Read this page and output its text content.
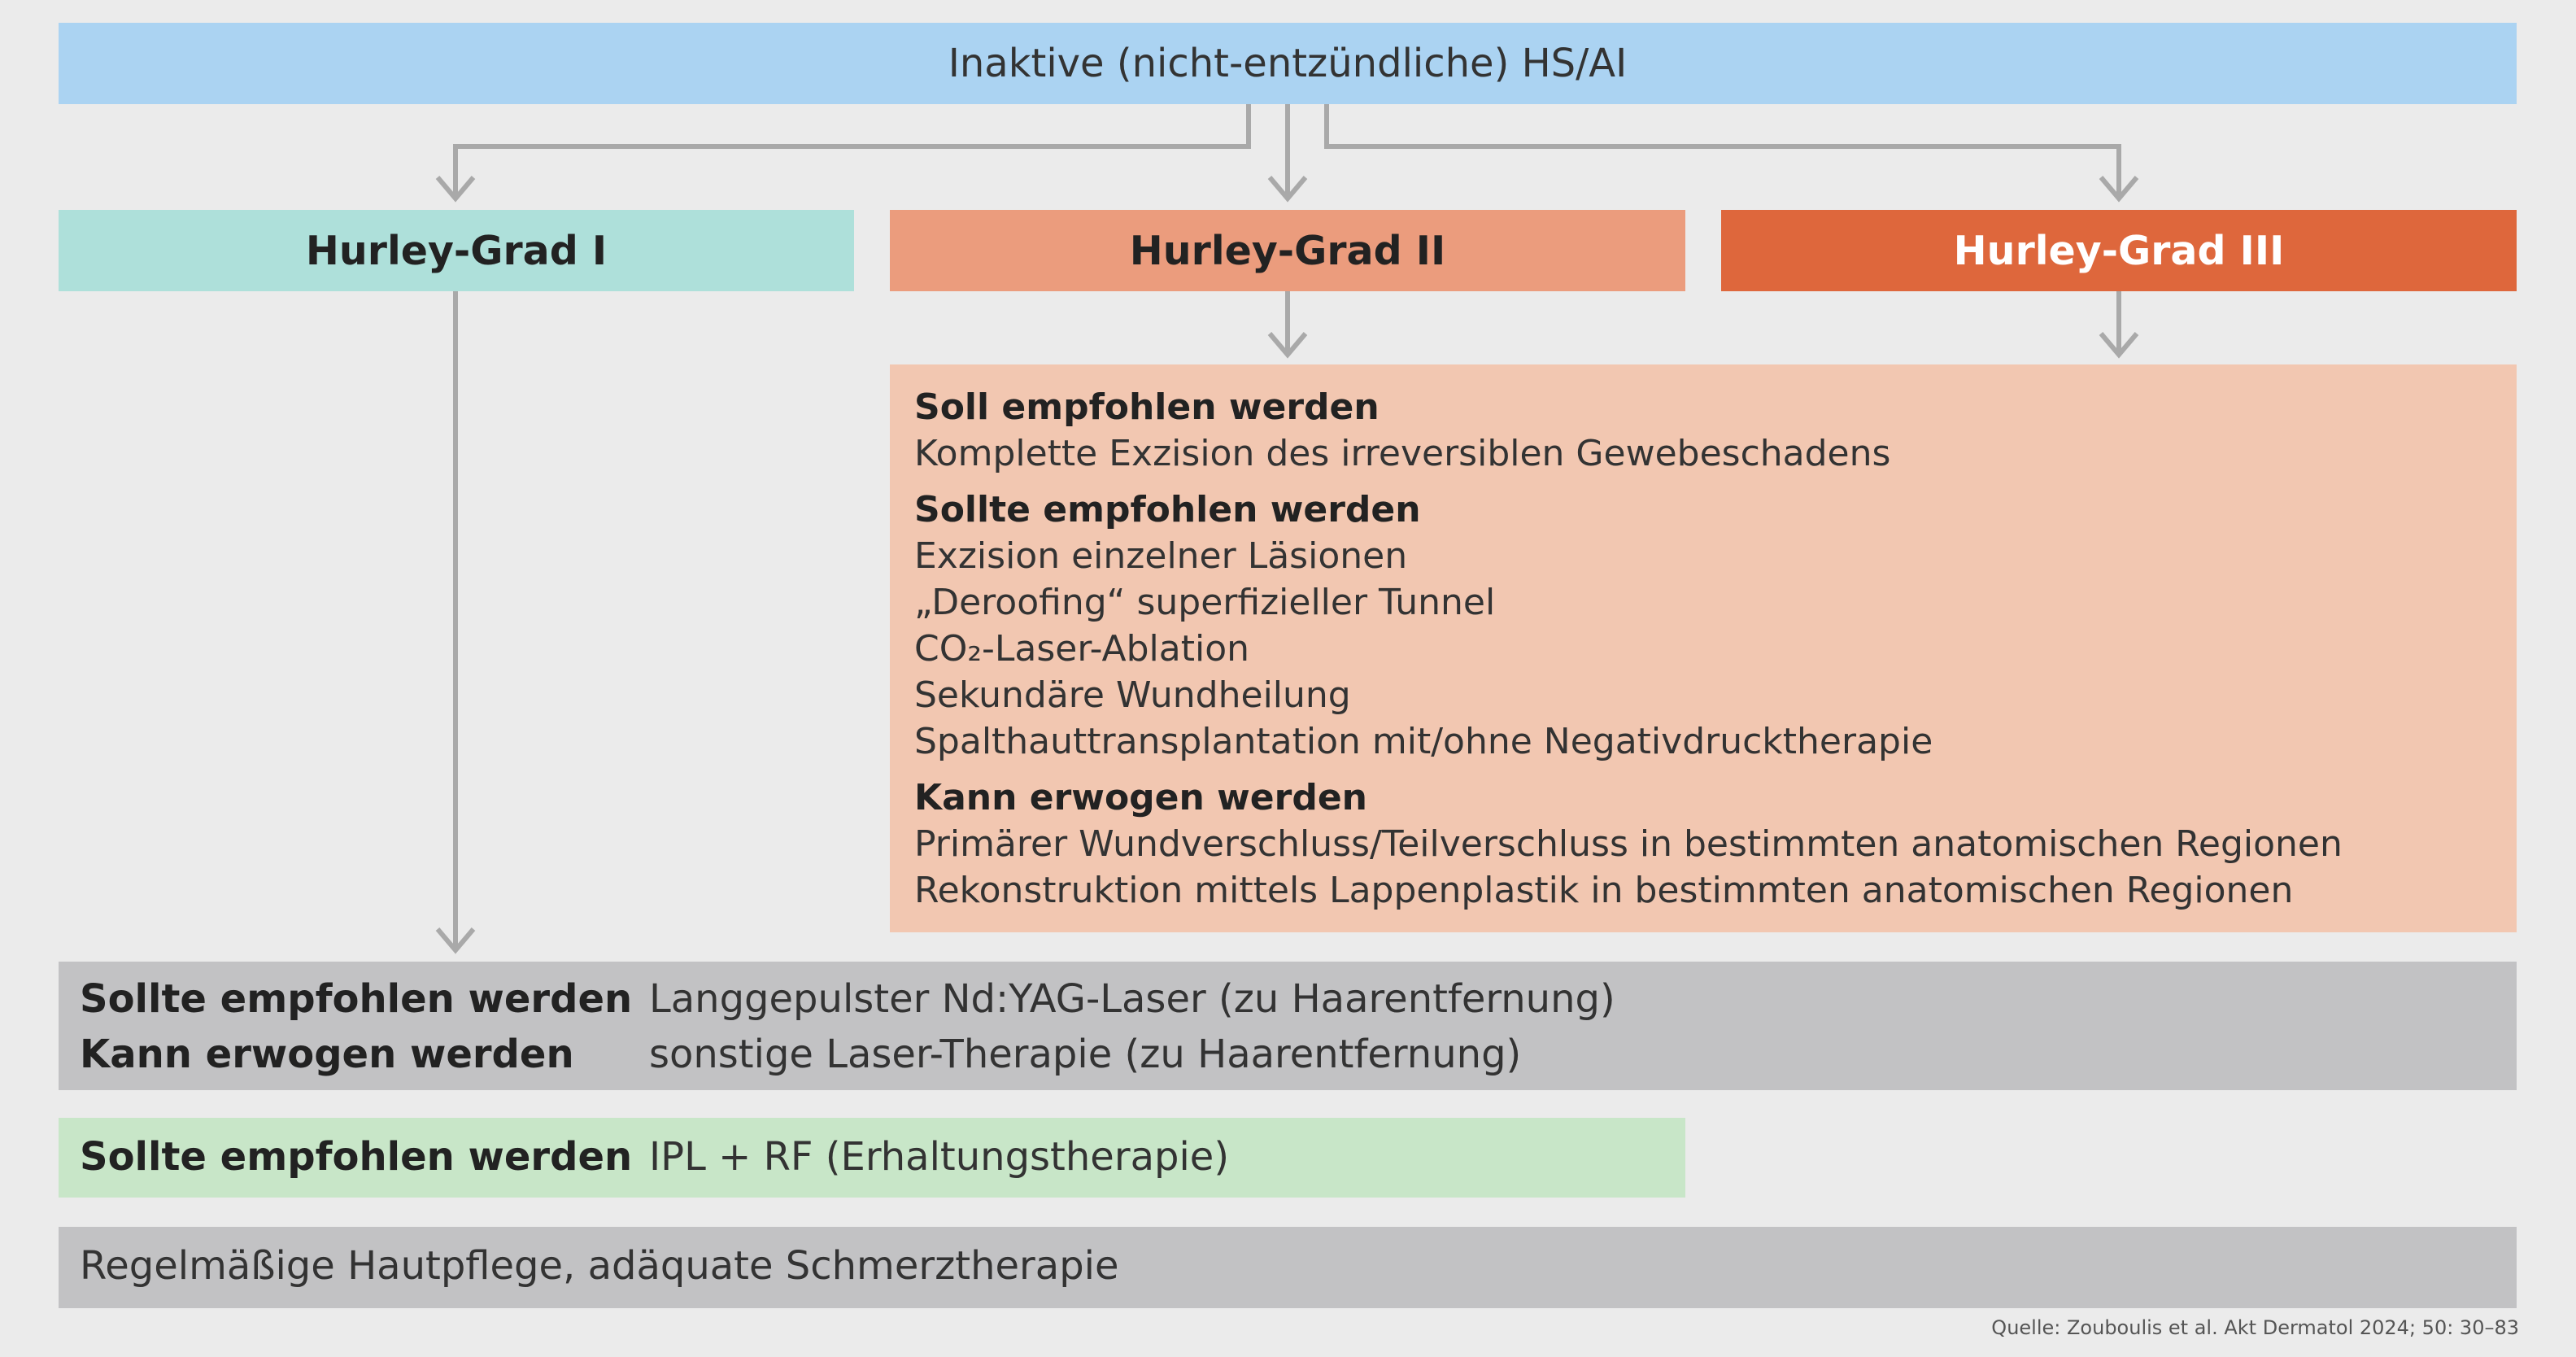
Inaktive (nicht-entzündliche) HS/AI
Hurley-Grad I	Hurley-Grad II	Hurley-Grad III
Soll empfohlen werden
Komplette Exzision des irreversiblen Gewebeschadens
Sollte empfohlen werden
Exzision einzelner Läsionen
„Deroofing“ superfizieller Tunnel
CO₂-Laser-Ablation
Sekundäre Wundheilung
Spalthauttransplantation mit/ohne Negativdrucktherapie
Kann erwogen werden
Primärer Wundverschluss/Teilverschluss in bestimmten anatomischen Regionen
Rekonstruktion mittels Lappenplastik in bestimmten anatomischen Regionen
Sollte empfohlen werden Langgepulster Nd:YAG-Laser (zu Haarentfernung)
Kann erwogen werden sonstige Laser-Therapie (zu Haarentfernung)
Sollte empfohlen werden IPL + RF (Erhaltungstherapie)
Regelmäßige Hautpflege, adäquate Schmerztherapie
Quelle: Zouboulis et al. Akt Dermatol 2024; 50: 30–83
